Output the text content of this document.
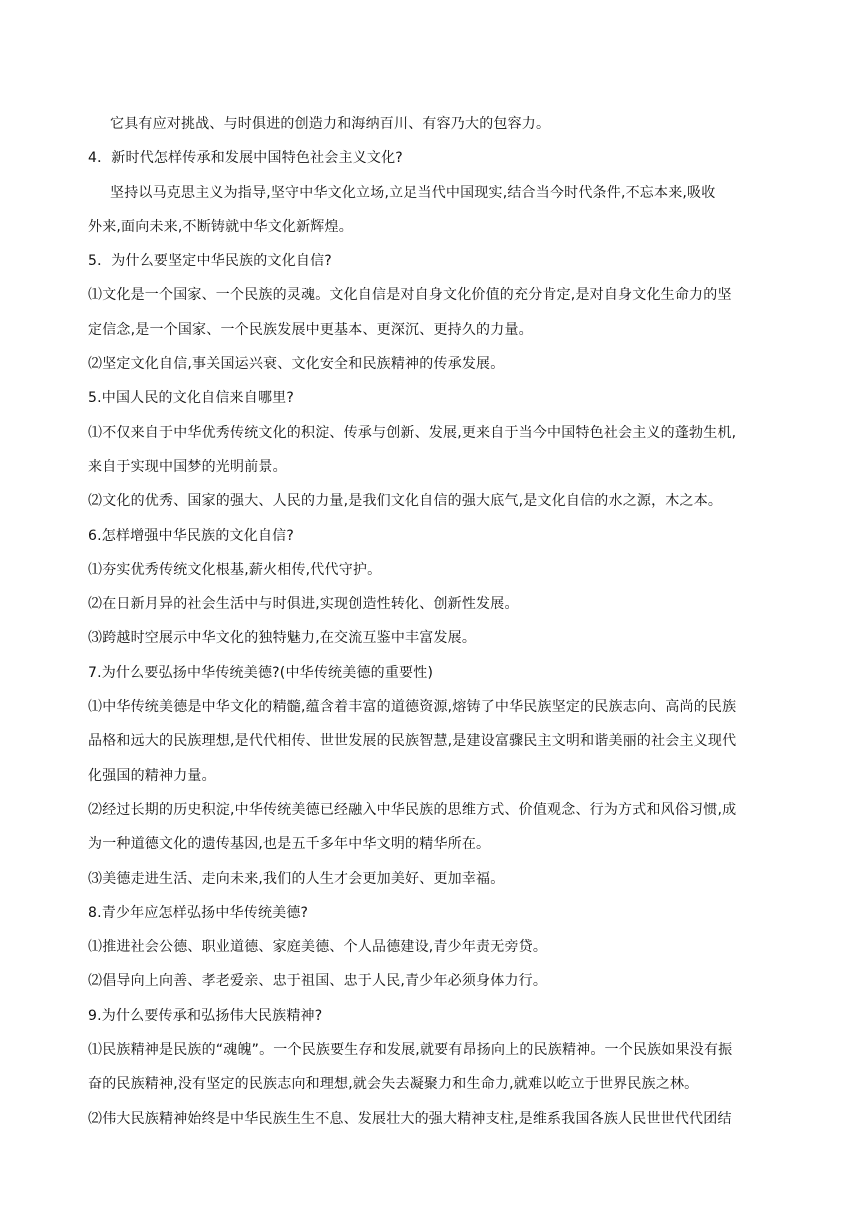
它具有应对挑战、与时俱进的创造力和海纳百川、有容乃大的包容力。
4．新时代怎样传承和发展中国特色社会主义文化?
坚持以马克思主义为指导,坚守中华文化立场,立足当代中国现实,结合当今时代条件,不忘本来,吸收
外来,面向未来,不断铸就中华文化新辉煌。
5．为什么要坚定中华民族的文化自信?
⑴文化是一个国家、一个民族的灵魂。文化自信是对自身文化价值的充分肯定,是对自身文化生命力的坚
定信念,是一个国家、一个民族发展中更基本、更深沉、更持久的力量。
⑵坚定文化自信,事关国运兴衰、文化安全和民族精神的传承发展。
5.中国人民的文化自信来自哪里?
⑴不仅来自于中华优秀传统文化的积淀、传承与创新、发展,更来自于当今中国特色社会主义的蓬勃生机,
来自于实现中国梦的光明前景。
⑵文化的优秀、国家的强大、人民的力量,是我们文化自信的强大底气,是文化自信的水之源，木之本。
6.怎样增强中华民族的文化自信?
⑴夯实优秀传统文化根基,薪火相传,代代守护。
⑵在日新月异的社会生活中与时俱进,实现创造性转化、创新性发展。
⑶跨越时空展示中华文化的独特魅力,在交流互鉴中丰富发展。
7.为什么要弘扬中华传统美德?(中华传统美德的重要性)
⑴中华传统美德是中华文化的精髓,蕴含着丰富的道德资源,熔铸了中华民族坚定的民族志向、高尚的民族
品格和远大的民族理想,是代代相传、世世发展的民族智慧,是建设富骤民主文明和谐美丽的社会主义现代
化强国的精神力量。
⑵经过长期的历史积淀,中华传统美德已经融入中华民族的思维方式、价值观念、行为方式和风俗习惯,成
为一种道德文化的遗传基因,也是五千多年中华文明的精华所在。
⑶美德走进生活、走向未来,我们的人生才会更加美好、更加幸福。
8.青少年应怎样弘扬中华传统美德?
⑴推进社会公德、职业道德、家庭美德、个人品德建设,青少年责无旁贷。
⑵倡导向上向善、孝老爱亲、忠于祖国、忠于人民,青少年必须身体力行。
9.为什么要传承和弘扬伟大民族精神?
⑴民族精神是民族的“魂魄”。一个民族要生存和发展,就要有昂扬向上的民族精神。一个民族如果没有振
奋的民族精神,没有坚定的民族志向和理想,就会失去凝聚力和生命力,就难以屹立于世界民族之林。
⑵伟大民族精神始终是中华民族生生不息、发展壮大的强大精神支柱,是维系我国各族人民世世代代团结
